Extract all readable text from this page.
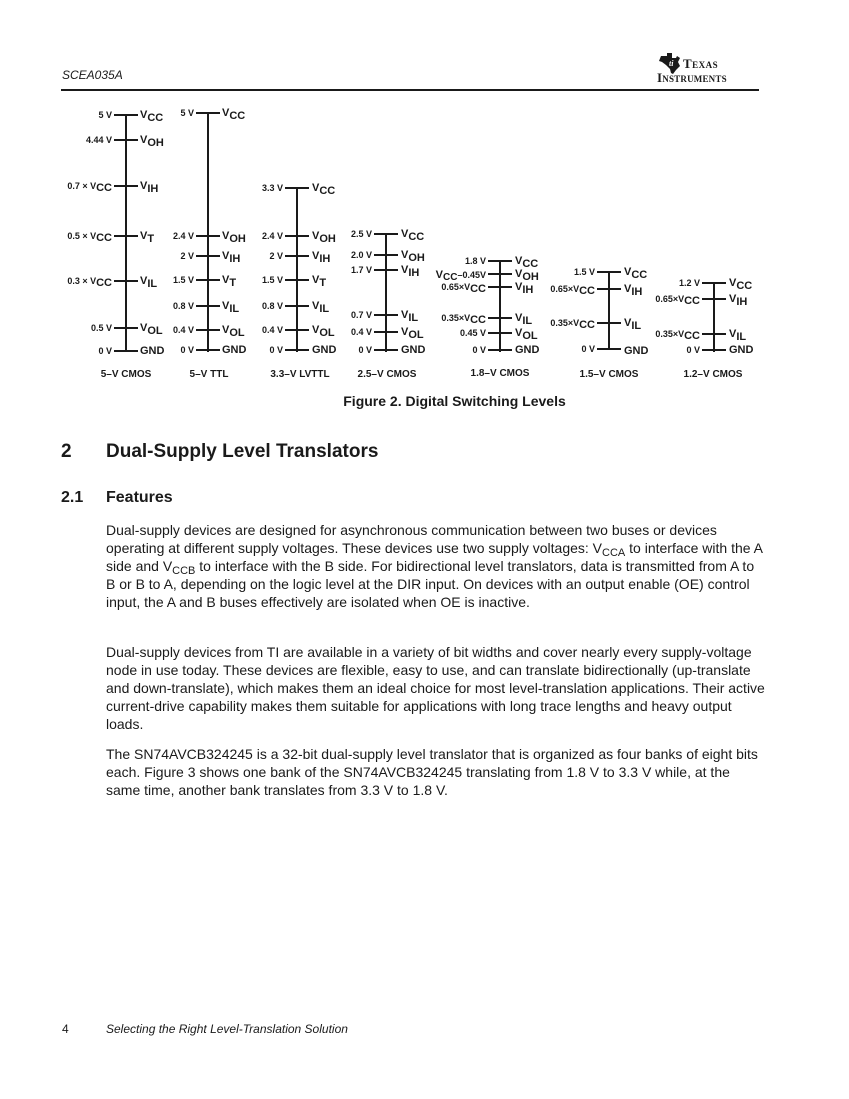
SCEA035A
ti Texas
Instruments
5 V
4.44 V
0.7 × VCC
0.5 × VCC
0.3 × VCC
0.5 V
0 V
VCC
VOH
VIH
VT
VIL
VOL
GND
5–V CMOS
5 V
2.4 V
2 V
1.5 V
0.8 V
0.4 V
0 V
VCC
VOH
VIH
VT
VIL
VOL
GND
5–V TTL
3.3 V
2.4 V
2 V
1.5 V
0.8 V
0.4 V
0 V
VCC
VOH
VIH
VT
VIL
VOL
GND
3.3–V LVTTL
2.5 V
2.0 V
1.7 V
0.7 V
0.4 V
0 V
VCC
VOH
VIH
VIL
VOL
GND
2.5–V CMOS
1.8 V
VCC–0.45V
0.65×VCC
0.35×VCC
0.45 V
0 V
VCC
VOH
VIH
VIL
VOL
GND
1.8–V CMOS
1.5 V
0.65×VCC
0.35×VCC
0 V
VCC
VIH
VIL
GND
1.5–V CMOS
1.2 V
0.65×VCC
0.35×VCC
0 V
VCC
VIH
VIL
GND
1.2–V CMOS
Figure 2. Digital Switching Levels
2 Dual-Supply Level Translators
2.1 Features

Dual-supply devices are designed for asynchronous communication between two buses or devices operating at different supply voltages. These devices use two supply voltages: $V_{CCA}$ to interface with the A side and $V_{CCB}$ to interface with the B side. For bidirectional level translators, data is transmitted from A to B or B to A, depending on the logic level at the DIR input. On devices with an output enable (OE) control input, the A and B buses effectively are isolated when OE is inactive.

Dual-supply devices from TI are available in a variety of bit widths and cover nearly every supply-voltage node in use today. These devices are flexible, easy to use, and can translate bidirectionally (up-translate and down-translate), which makes them an ideal choice for most level-translation applications. Their active current-drive capability makes them suitable for applications with long trace lengths and heavy output loads.

The SN74AVCB324245 is a 32-bit dual-supply level translator that is organized as four banks of eight bits each. Figure 3 shows one bank of the SN74AVCB324245 translating from 1.8 V to 3.3 V while, at the same time, another bank translates from 3.3 V to 1.8 V.

4	Selecting the Right Level-Translation Solution
